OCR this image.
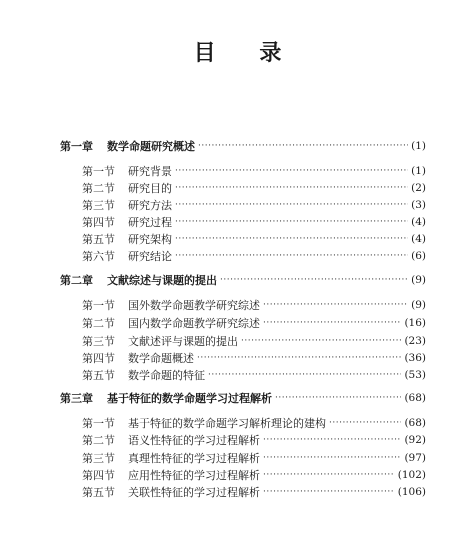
目 录
第一章	数学命题研究概述 ·····	(1)
第一节	研究背景 ·····	(1)
第二节	研究目的 ·····	(2)
第三节	研究方法 ·····	(3)
第四节	研究过程 ·····	(4)
第五节	研究架构 ·····	(4)
第六节	研究结论 ·····	(6)
第二章	文献综述与课题的提出 ·····	(9)
第一节	国外数学命题教学研究综述 ·····	(9)
第二节	国内数学命题教学研究综述 ·····	(16)
第三节	文献述评与课题的提出 ·····	(23)
第四节	数学命题概述 ·····	(36)
第五节	数学命题的特征 ·····	(53)
第三章	基于特征的数学命题学习过程解析 ·····	(68)
第一节	基于特征的数学命题学习解析理论的建构 ·····	(68)
第二节	语义性特征的学习过程解析 ·····	(92)
第三节	真理性特征的学习过程解析 ·····	(97)
第四节	应用性特征的学习过程解析 ·····	(102)
第五节	关联性特征的学习过程解析 ·····	(106)
